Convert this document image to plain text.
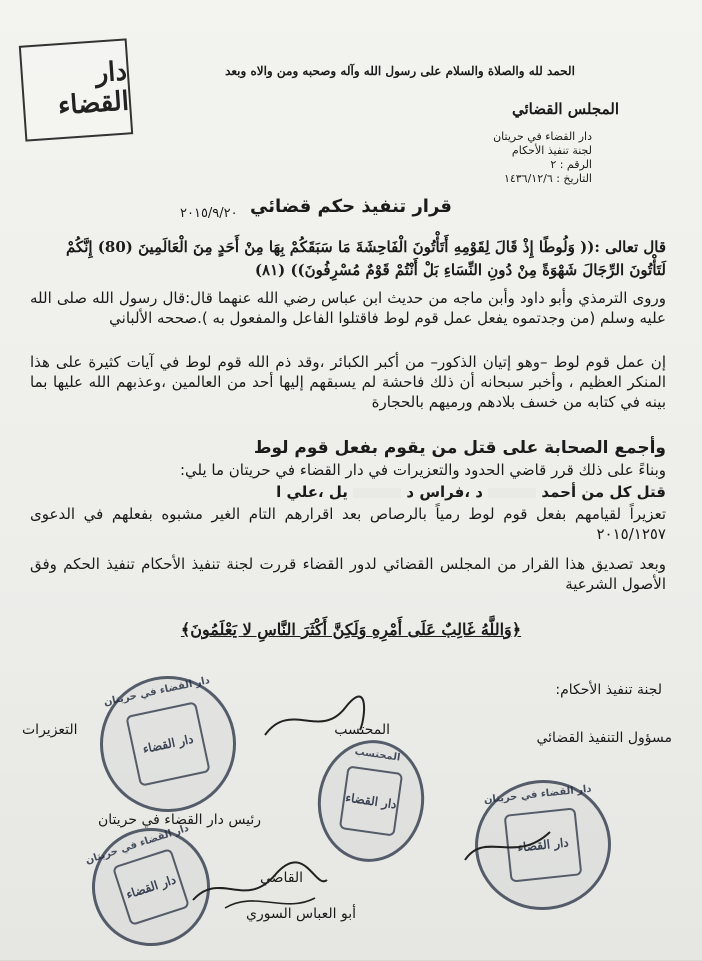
دار القضاء
الحمد لله والصلاة والسلام على رسول الله وآله وصحبه ومن والاه وبعد
المجلس القضائي
دار القضاء في حريتان
لجنة تنفيذ الأحكام
الرقم : ٢
التاريخ : ١٤٣٦/١٢/٦
قرار تنفيذ حكم قضائي
٢٠١٥/٩/٢٠
قال تعالى :(( وَلُوطًا إِذْ قَالَ لِقَوْمِهِ أَتَأْتُونَ الْفَاحِشَةَ مَا سَبَقَكُمْ بِهَا مِنْ أَحَدٍ مِنَ الْعَالَمِينَ (80) إِنَّكُمْ لَتَأْتُونَ الرِّجَالَ شَهْوَةً مِنْ دُونِ النِّسَاءِ بَلْ أَنْتُمْ قَوْمٌ مُسْرِفُونَ)) (٨١)
وروى الترمذي وأبو داود وأبن ماجه من حديث ابن عباس رضي الله عنهما قال:قال رسول الله صلى الله عليه وسلم (من وجدتموه يفعل عمل قوم لوط فاقتلوا الفاعل والمفعول به ).صححه الألباني
إن عمل قوم لوط –وهو إتيان الذكور– من أكبر الكبائر ،وقد ذم الله قوم لوط في آيات كثيرة على هذا المنكر العظيم ، وأخبر سبحانه أن ذلك فاحشة لم يسبقهم إليها أحد من العالمين ،وعذبهم الله عليها بما بينه في كتابه من خسف بلادهم ورميهم بالحجارة
وأجمع الصحابة على قتل من يقوم بفعل قوم لوط
وبناءً على ذلك قرر قاضي الحدود والتعزيرات في دار القضاء في حريتان ما يلي:
قتل كل من أحمد  د ،فراس د  يل ،علي ا
تعزيراً لقيامهم بفعل قوم لوط رمياً بالرصاص بعد اقرارهم التام الغير مشبوه بفعلهم في الدعوى ٢٠١٥/١٢٥٧
وبعد تصديق هذا القرار من المجلس القضائي لدور القضاء قررت لجنة تنفيذ الأحكام تنفيذ الحكم وفق الأصول الشرعية
﴿وَاللَّهُ غَالِبٌ عَلَى أَمْرِهِ وَلَكِنَّ أَكْثَرَ النَّاسِ لا يَعْلَمُونَ﴾
لجنة تنفيذ الأحكام:
مسؤول التنفيذ القضائي
المحتسب
التعزيرات
رئيس دار القضاء في حريتان
القاضي
أبو العباس السوري
دار القضاء في حريتان
دار القضاء	المحتسب
دار القضاء	دار القضاء في حريتان
دار القضاء
دار القضاء في حريتان
دار القضاء
